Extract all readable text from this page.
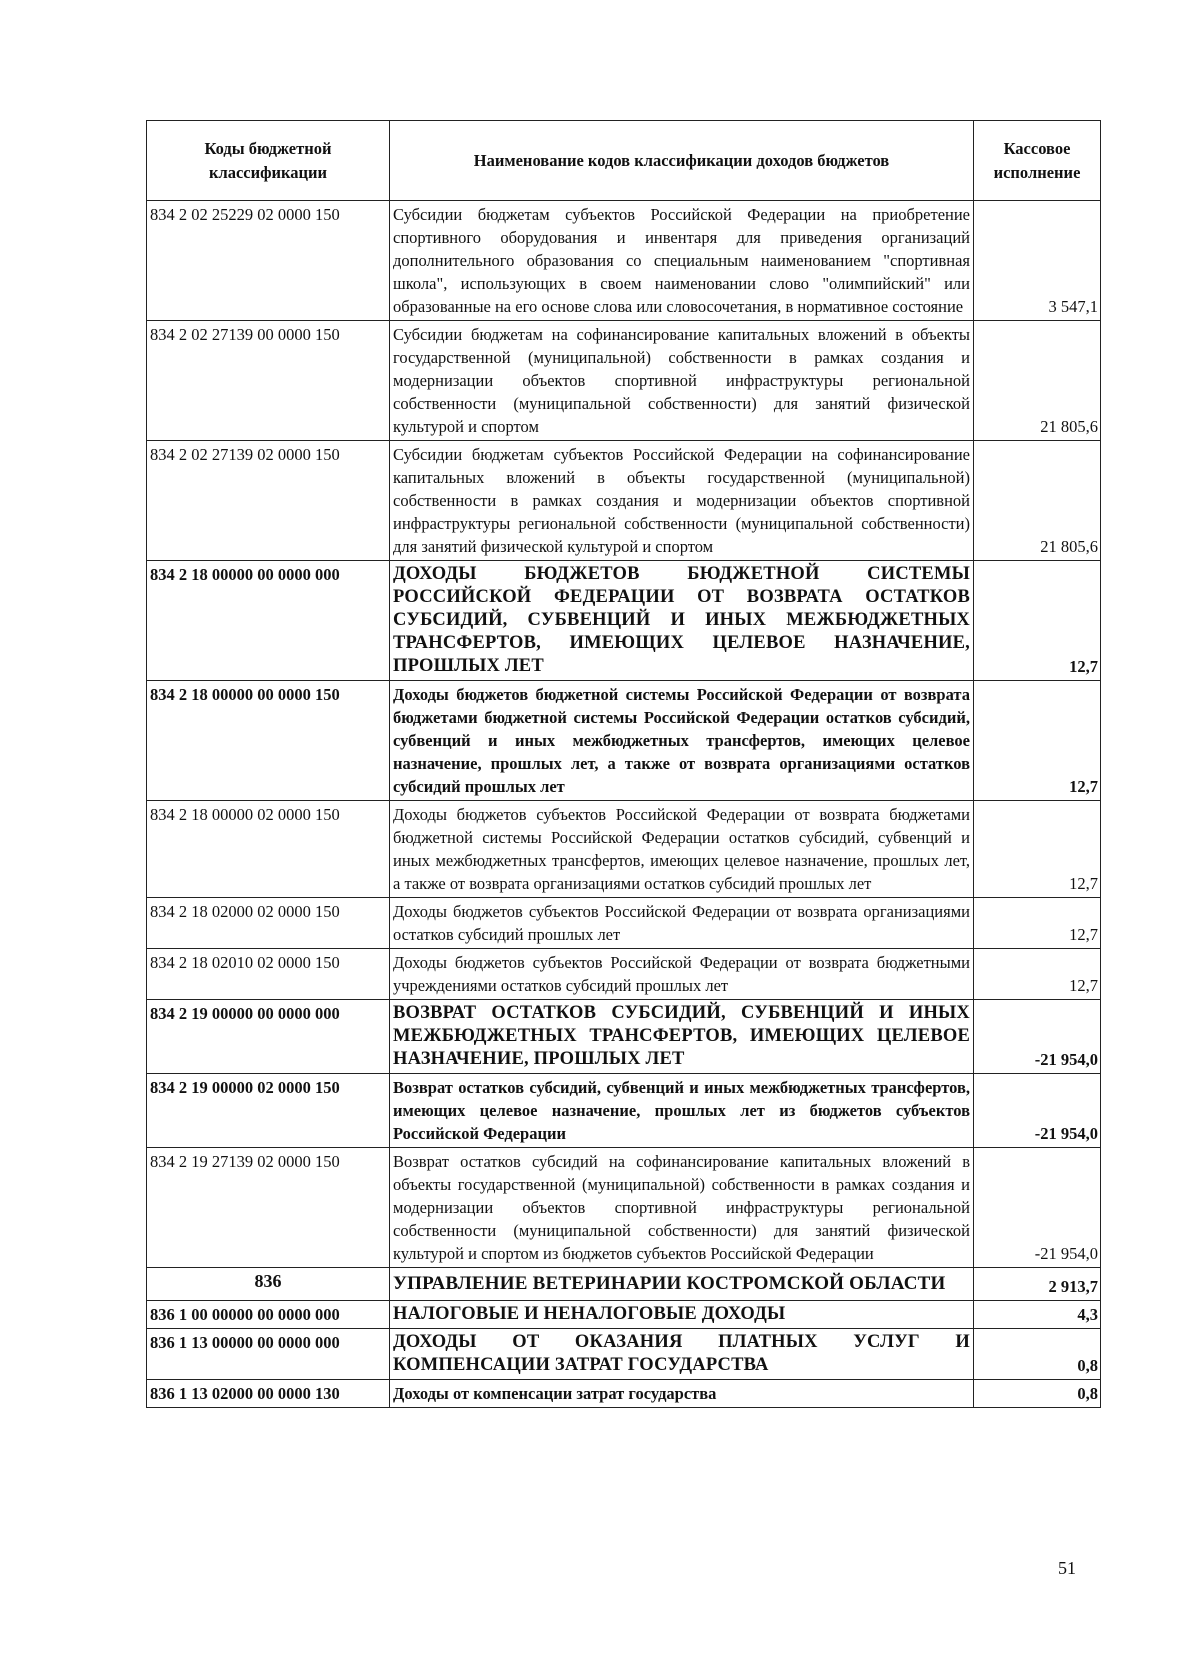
Коды бюджетной классификации	Наименование кодов классификации доходов бюджетов	Кассовое исполнение
834 2 02 25229 02 0000 150	Субсидии бюджетам субъектов Российской Федерации на приобретение спортивного оборудования и инвентаря для приведения организаций дополнительного образования со специальным наименованием "спортивная школа", использующих в своем наименовании слово "олимпийский" или образованные на его основе слова или словосочетания, в нормативное состояние	3 547,1
834 2 02 27139 00 0000 150	Субсидии бюджетам на софинансирование капитальных вложений в объекты государственной (муниципальной) собственности в рамках создания и модернизации объектов спортивной инфраструктуры региональной собственности (муниципальной собственности) для занятий физической культурой и спортом	21 805,6
834 2 02 27139 02 0000 150	Субсидии бюджетам субъектов Российской Федерации на софинансирование капитальных вложений в объекты государственной (муниципальной) собственности в рамках создания и модернизации объектов спортивной инфраструктуры региональной собственности (муниципальной собственности) для занятий физической культурой и спортом	21 805,6
834 2 18 00000 00 0000 000	ДОХОДЫ БЮДЖЕТОВ БЮДЖЕТНОЙ СИСТЕМЫ РОССИЙСКОЙ ФЕДЕРАЦИИ ОТ ВОЗВРАТА ОСТАТКОВ СУБСИДИЙ, СУБВЕНЦИЙ И ИНЫХ МЕЖБЮДЖЕТНЫХ ТРАНСФЕРТОВ, ИМЕЮЩИХ ЦЕЛЕВОЕ НАЗНАЧЕНИЕ, ПРОШЛЫХ ЛЕТ	12,7
834 2 18 00000 00 0000 150	Доходы бюджетов бюджетной системы Российской Федерации от возврата бюджетами бюджетной системы Российской Федерации остатков субсидий, субвенций и иных межбюджетных трансфертов, имеющих целевое назначение, прошлых лет, а также от возврата организациями остатков субсидий прошлых лет	12,7
834 2 18 00000 02 0000 150	Доходы бюджетов субъектов Российской Федерации от возврата бюджетами бюджетной системы Российской Федерации остатков субсидий, субвенций и иных межбюджетных трансфертов, имеющих целевое назначение, прошлых лет, а также от возврата организациями остатков субсидий прошлых лет	12,7
834 2 18 02000 02 0000 150	Доходы бюджетов субъектов Российской Федерации от возврата организациями остатков субсидий прошлых лет	12,7
834 2 18 02010 02 0000 150	Доходы бюджетов субъектов Российской Федерации от возврата бюджетными учреждениями остатков субсидий прошлых лет	12,7
834 2 19 00000 00 0000 000	ВОЗВРАТ ОСТАТКОВ СУБСИДИЙ, СУБВЕНЦИЙ И ИНЫХ МЕЖБЮДЖЕТНЫХ ТРАНСФЕРТОВ, ИМЕЮЩИХ ЦЕЛЕВОЕ НАЗНАЧЕНИЕ, ПРОШЛЫХ ЛЕТ	-21 954,0
834 2 19 00000 02 0000 150	Возврат остатков субсидий, субвенций и иных межбюджетных трансфертов, имеющих целевое назначение, прошлых лет из бюджетов субъектов Российской Федерации	-21 954,0
834 2 19 27139 02 0000 150	Возврат остатков субсидий на софинансирование капитальных вложений в объекты государственной (муниципальной) собственности в рамках создания и модернизации объектов спортивной инфраструктуры региональной собственности (муниципальной собственности) для занятий физической культурой и спортом из бюджетов субъектов Российской Федерации	-21 954,0
836	УПРАВЛЕНИЕ ВЕТЕРИНАРИИ КОСТРОМСКОЙ ОБЛАСТИ	2 913,7
836 1 00 00000 00 0000 000	НАЛОГОВЫЕ И НЕНАЛОГОВЫЕ ДОХОДЫ	4,3
836 1 13 00000 00 0000 000	ДОХОДЫ ОТ ОКАЗАНИЯ ПЛАТНЫХ УСЛУГ И КОМПЕНСАЦИИ ЗАТРАТ ГОСУДАРСТВА	0,8
836 1 13 02000 00 0000 130	Доходы от компенсации затрат государства	0,8
51
